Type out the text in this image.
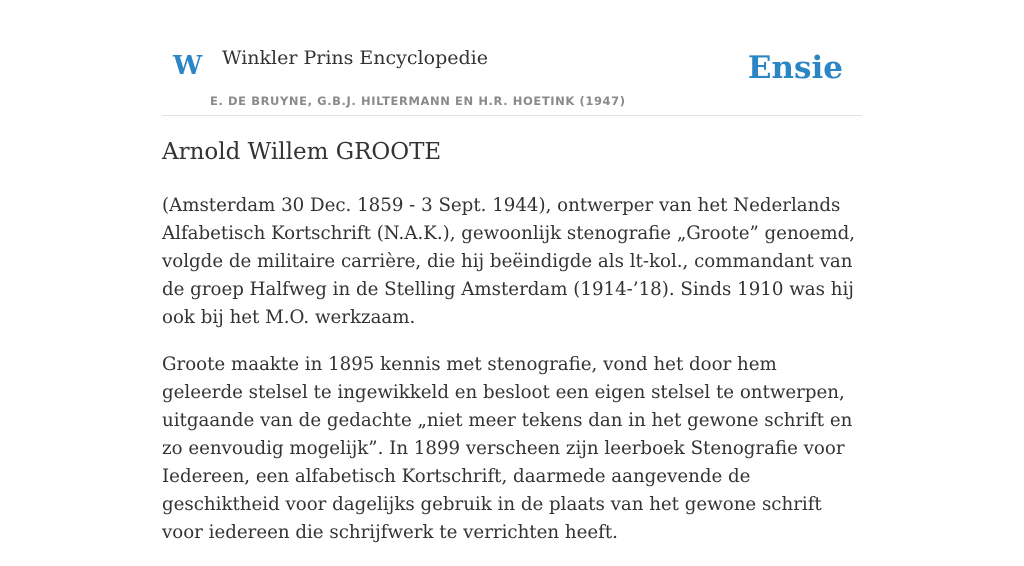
W Winkler Prins Encyclopedie
E. DE BRUYNE, G.B.J. HILTERMANN EN H.R. HOETINK (1947)
Ensie
Arnold Willem GROOTE

(Amsterdam 30 Dec. 1859 - 3 Sept. 1944), ontwerper van het Nederlands Alfabetisch Kortschrift (N.A.K.), gewoonlijk stenografie „Groote” genoemd, volgde de militaire carrière, die hij beëindigde als lt-kol., commandant van de groep Halfweg in de Stelling Amsterdam (1914-’18). Sinds 1910 was hij ook bij het M.O. werkzaam.

Groote maakte in 1895 kennis met stenografie, vond het door hem geleerde stelsel te ingewikkeld en besloot een eigen stelsel te ontwerpen, uitgaande van de gedachte „niet meer tekens dan in het gewone schrift en zo eenvoudig mogelijk”. In 1899 verscheen zijn leerboek Stenografie voor Iedereen, een alfabetisch Kortschrift, daarmede aangevende de geschiktheid voor dagelijks gebruik in de plaats van het gewone schrift voor iedereen die schrijfwerk te verrichten heeft.
